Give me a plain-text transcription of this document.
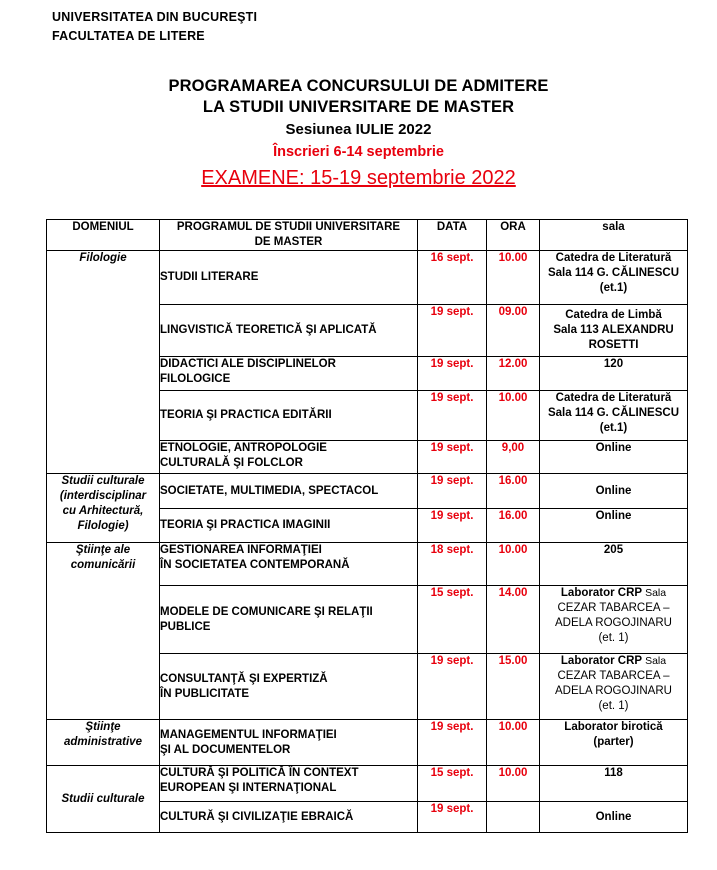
UNIVERSITATEA DIN BUCUREŞTI
FACULTATEA DE LITERE
PROGRAMAREA CONCURSULUI DE ADMITERE
LA STUDII UNIVERSITARE DE MASTER
Sesiunea IULIE 2022
Înscrieri 6-14 septembrie
EXAMENE: 15-19 septembrie 2022
DOMENIUL	PROGRAMUL DE STUDII UNIVERSITARE
DE MASTER	DATA	ORA	sala
Filologie	STUDII LITERARE	16 sept.	10.00	Catedra de Literatură
Sala 114 G. CĂLINESCU
(et.1)
	LINGVISTICĂ TEORETICĂ ŞI APLICATĂ	19 sept.	09.00	Catedra de Limbă
Sala 113 ALEXANDRU
ROSETTI
	DIDACTICI ALE DISCIPLINELOR
FILOLOGICE	19 sept.	12.00	120
	TEORIA ŞI PRACTICA EDITĂRII	19 sept.	10.00	Catedra de Literatură
Sala 114 G. CĂLINESCU
(et.1)
	ETNOLOGIE, ANTROPOLOGIE
CULTURALĂ ŞI FOLCLOR	19 sept.	9,00	Online
Studii culturale
(interdisciplinar
cu Arhitectură,
Filologie)	SOCIETATE, MULTIMEDIA, SPECTACOL	19 sept.	16.00	Online
	TEORIA ŞI PRACTICA IMAGINII	19 sept.	16.00	Online
Ştiinţe ale
comunicării	GESTIONAREA INFORMAŢIEI
ÎN SOCIETATEA CONTEMPORANĂ	18 sept.	10.00	205
	MODELE DE COMUNICARE ŞI RELAŢII
PUBLICE	15 sept.	14.00	Laborator CRP Sala
CEZAR TABARCEA –
ADELA ROGOJINARU
(et. 1)
	CONSULTANŢĂ ŞI EXPERTIZĂ
ÎN PUBLICITATE	19 sept.	15.00	Laborator CRP Sala
CEZAR TABARCEA –
ADELA ROGOJINARU
(et. 1)
Ştiinţe
administrative	MANAGEMENTUL INFORMAŢIEI
ŞI AL DOCUMENTELOR	19 sept.	10.00	Laborator birotică
(parter)
Studii culturale	CULTURĂ ŞI POLITICĂ ÎN CONTEXT
EUROPEAN ŞI INTERNAŢIONAL	15 sept.	10.00	118
	CULTURĂ ŞI CIVILIZAŢIE EBRAICĂ	19 sept.		Online
